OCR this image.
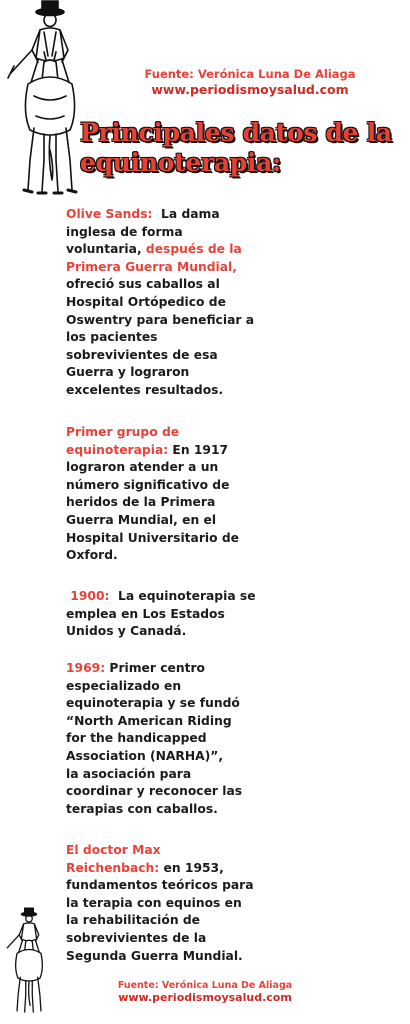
Fuente: Verónica Luna De Aliaga
www.periodismoysalud.com
Principales datos de la equinoterapia:
Olive Sands:  La dama
inglesa de forma
voluntaria, después de la
Primera Guerra Mundial,
ofreció sus caballos al
Hospital Ortópedico de
Oswentry para beneficiar a
los pacientes
sobrevivientes de esa
Guerra y lograron
excelentes resultados.
Primer grupo de
equinoterapia: En 1917
lograron atender a un
número significativo de
heridos de la Primera
Guerra Mundial, en el
Hospital Universitario de
Oxford.
1900:  La equinoterapia se
emplea en Los Estados
Unidos y Canadá.
1969: Primer centro
especializado en
equinoterapia y se fundó
“North American Riding
for the handicapped
Association (NARHA)”,
la asociación para
coordinar y reconocer las
terapias con caballos.
El doctor Max
Reichenbach: en 1953,
fundamentos teóricos para
la terapia con equinos en
la rehabilitación de
sobrevivientes de la
Segunda Guerra Mundial.
Fuente: Verónica Luna De Aliaga
www.periodismoysalud.com
